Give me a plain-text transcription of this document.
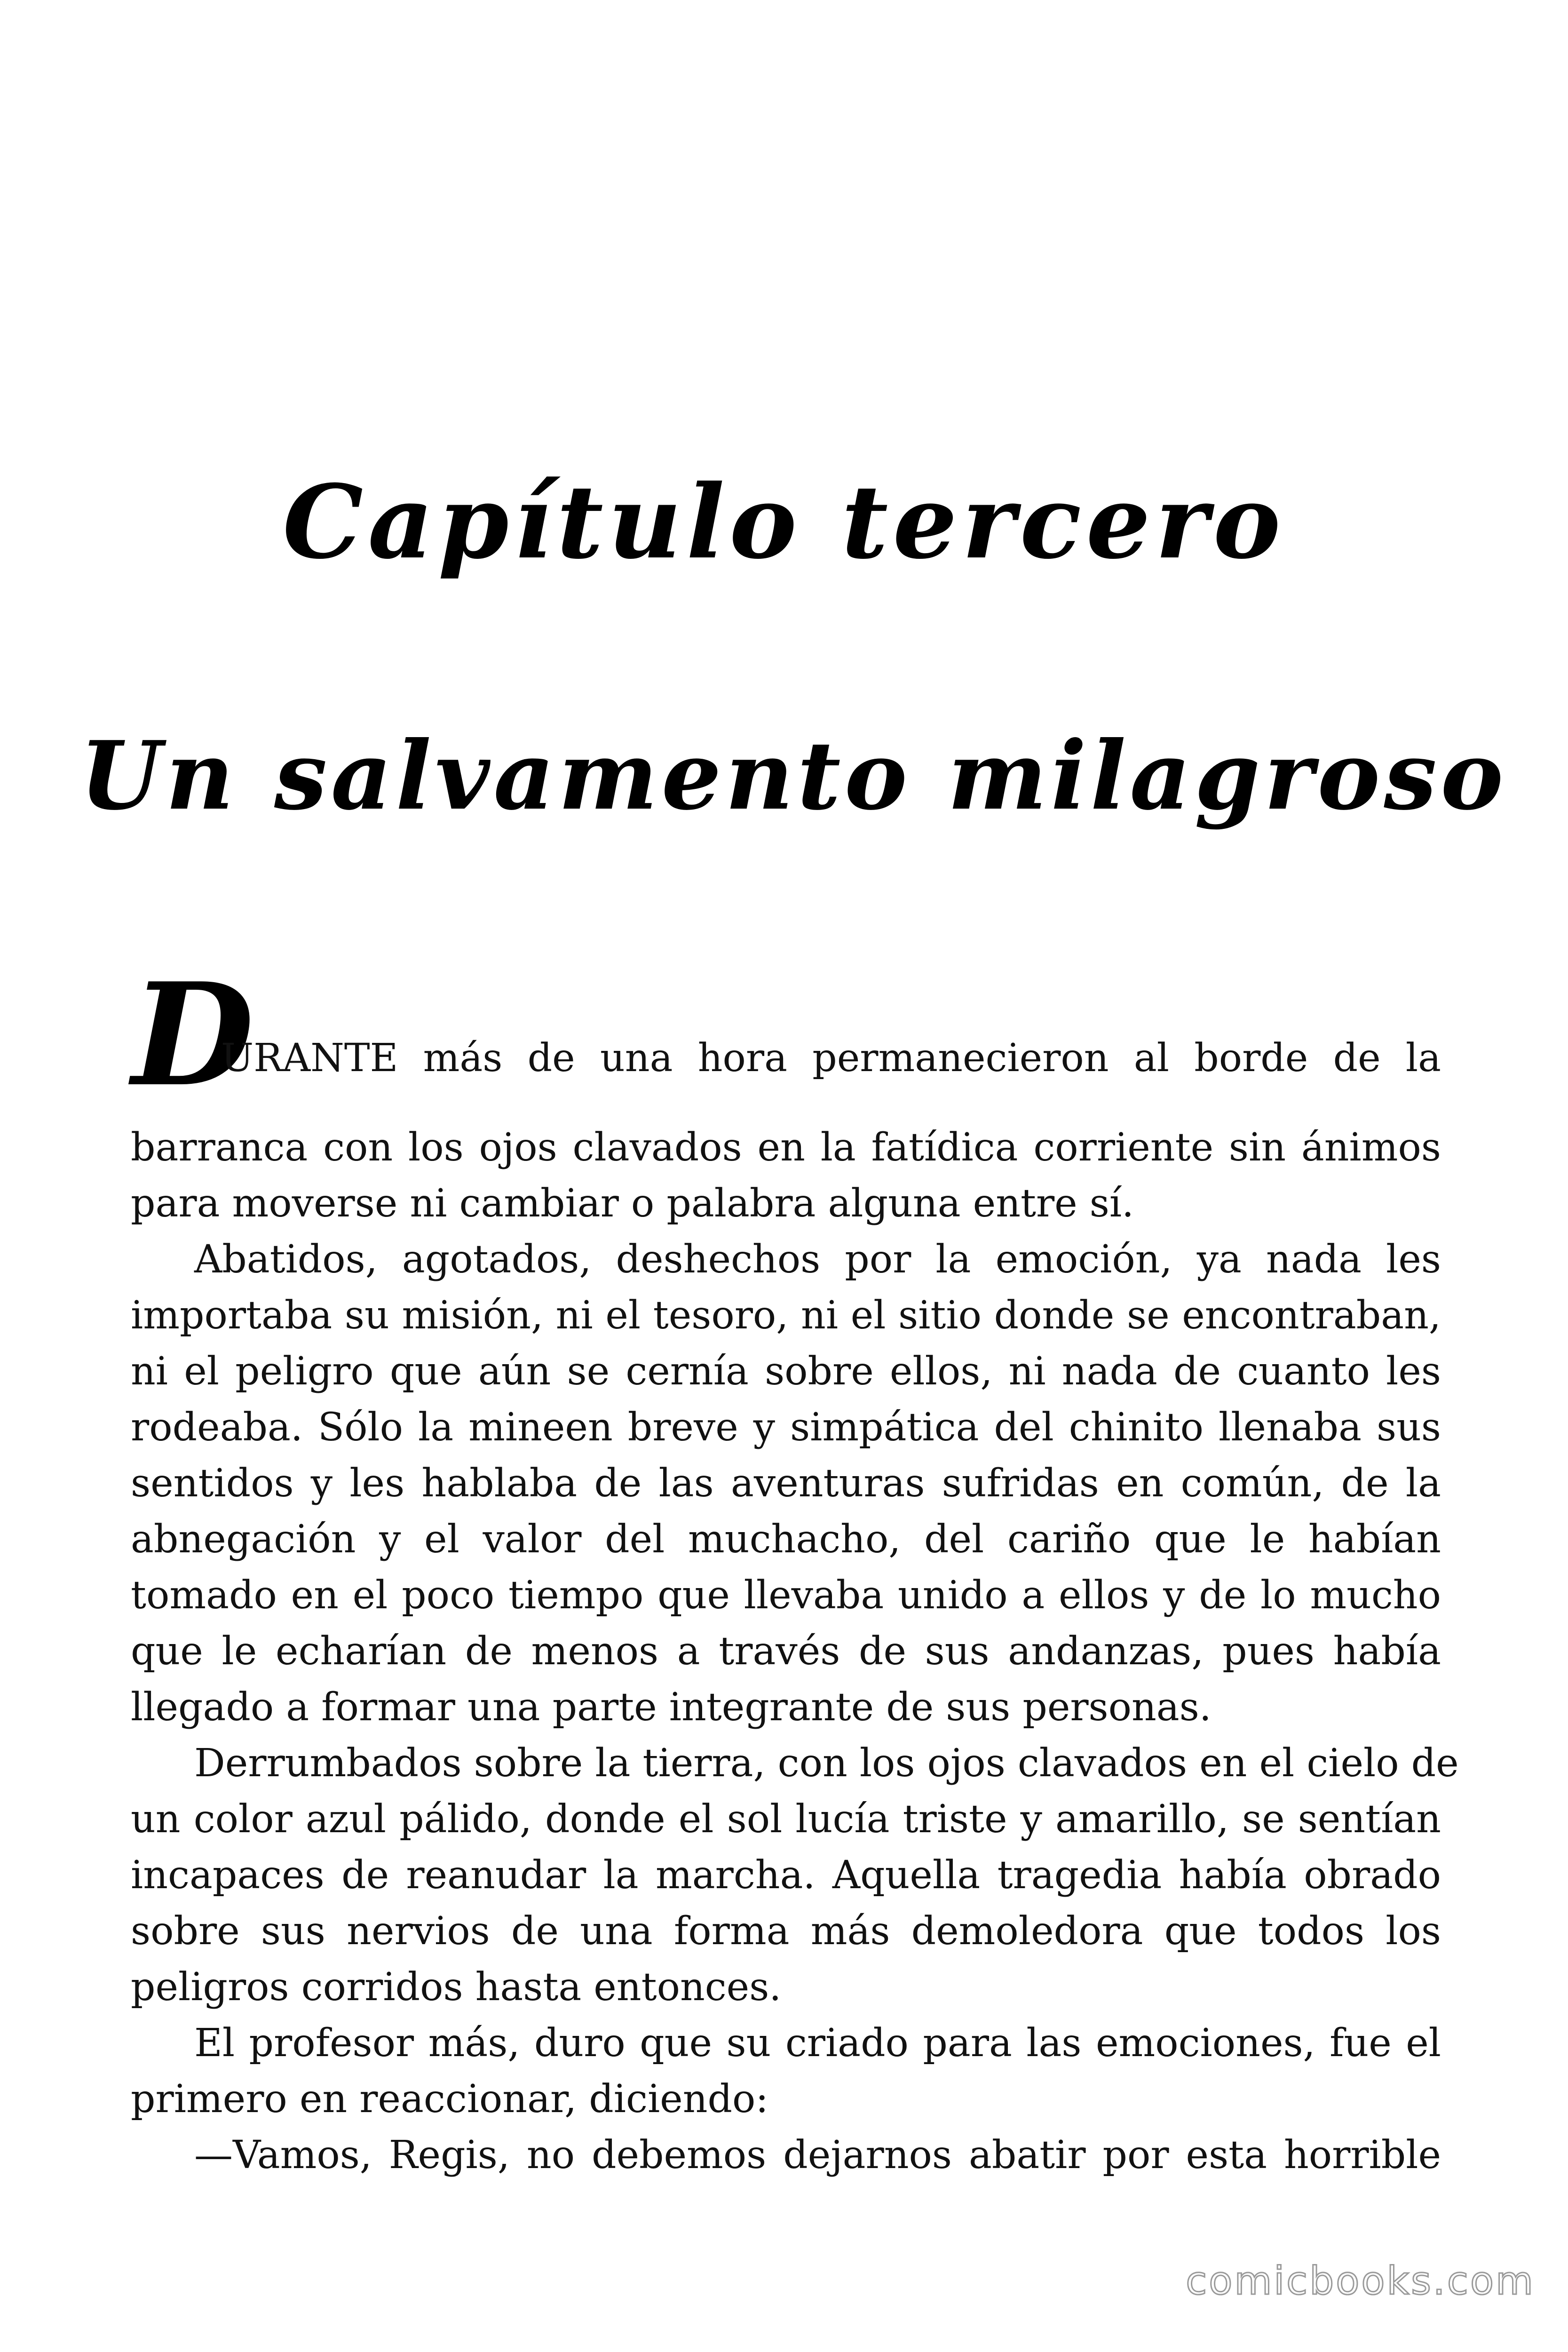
Capítulo tercero
Un salvamento milagroso
D
URANTE más de una hora permanecieron al borde de la
barranca con los ojos clavados en la fatídica corriente sin ánimos
para moverse ni cambiar o palabra alguna entre sí.
Abatidos, agotados, deshechos por la emoción, ya nada les
importaba su misión, ni el tesoro, ni el sitio donde se encontraban,
ni el peligro que aún se cernía sobre ellos, ni nada de cuanto les
rodeaba. Sólo la mineen breve y simpática del chinito llenaba sus
sentidos y les hablaba de las aventuras sufridas en común, de la
abnegación y el valor del muchacho, del cariño que le habían
tomado en el poco tiempo que llevaba unido a ellos y de lo mucho
que le echarían de menos a través de sus andanzas, pues había
llegado a formar una parte integrante de sus personas.
Derrumbados sobre la tierra, con los ojos clavados en el cielo de
un color azul pálido, donde el sol lucía triste y amarillo, se sentían
incapaces de reanudar la marcha. Aquella tragedia había obrado
sobre sus nervios de una forma más demoledora que todos los
peligros corridos hasta entonces.
El profesor más, duro que su criado para las emociones, fue el
primero en reaccionar, diciendo:
—Vamos, Regis, no debemos dejarnos abatir por esta horrible
comicbooks.com
